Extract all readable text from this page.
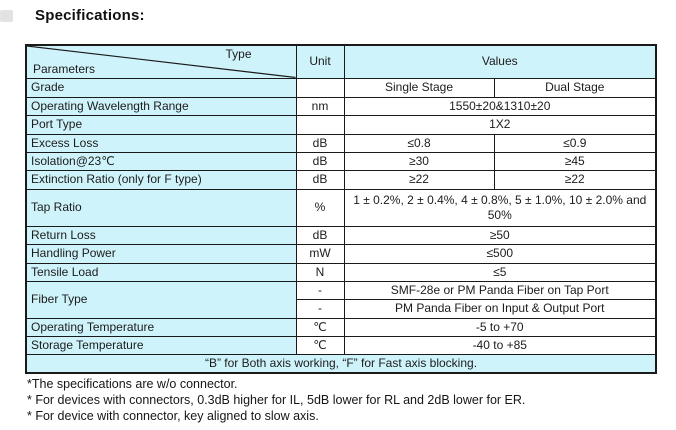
Specifications:
Type
Parameters	Unit	Values	
Grade		Single Stage	Dual Stage
Operating Wavelength Range	nm	1550±20&1310±20	
Port Type		1X2	
Excess Loss	dB	≤0.8	≤0.9
Isolation@23℃	dB	≥30	≥45
Extinction Ratio (only for F type)	dB	≥22	≥22
Tap Ratio	%	1 ± 0.2%, 2 ± 0.4%, 4 ± 0.8%, 5 ± 1.0%, 10 ± 2.0% and 50%	
Return Loss	dB	≥50	
Handling Power	mW	≤500	
Tensile Load	N	≤5	
Fiber Type	-	SMF-28e or PM Panda Fiber on Tap Port	
	-	PM Panda Fiber on Input & Output Port	
Operating Temperature	℃	-5 to +70	
Storage Temperature	℃	-40 to +85	
“B” for Both axis working, “F” for Fast axis blocking.			

*The specifications are w/o connector.

* For devices with connectors, 0.3dB higher for IL, 5dB lower for RL and 2dB lower for ER.

* For device with connector, key aligned to slow axis.
